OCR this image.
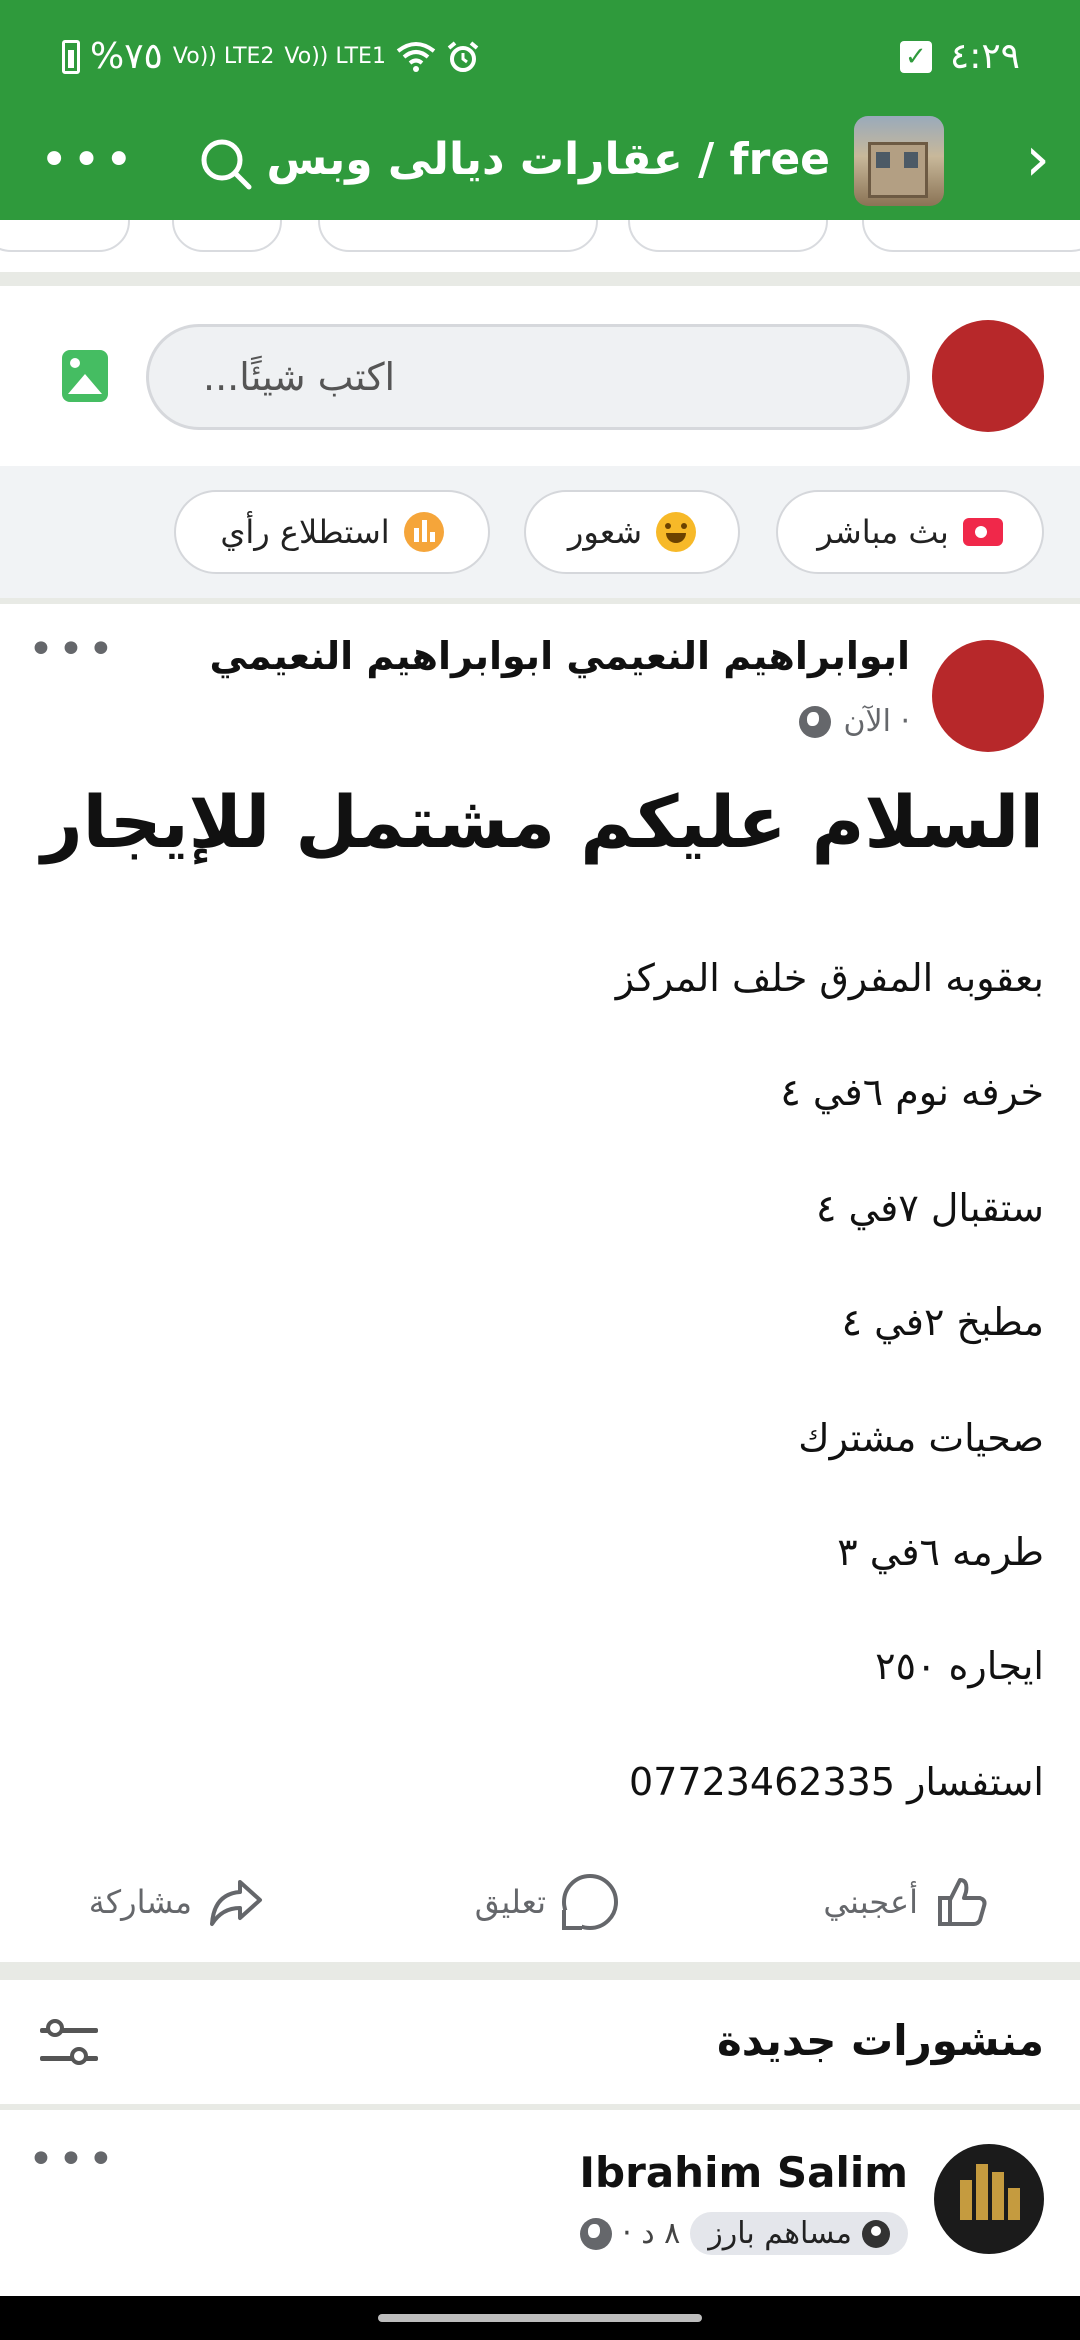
%٧٥ Vo)) LTE2 Vo)) LTE1	✓ ٤:٢٩
•••	عقارات ديالى وبس / free	›
اكتب شيئًا...
بث مباشر
شعور
استطلاع رأي
ابوابراهيم النعيمي ابوابراهيم النعيمي
الآن ·
•••
السلام عليكم مشتمل للإيجار
بعقوبه المفرق خلف المركز
خرفه نوم ٦في ٤
ستقبال ٧في ٤
مطبخ ٢في ٤
صحيات مشترك
طرمه ٦في ٣
ايجاره ٢٥٠
استفسار 07723462335
أعجبني
تعليق
مشاركة
منشورات جديدة
Ibrahim Salim
مساهم بارز
٨ د ·
•••
